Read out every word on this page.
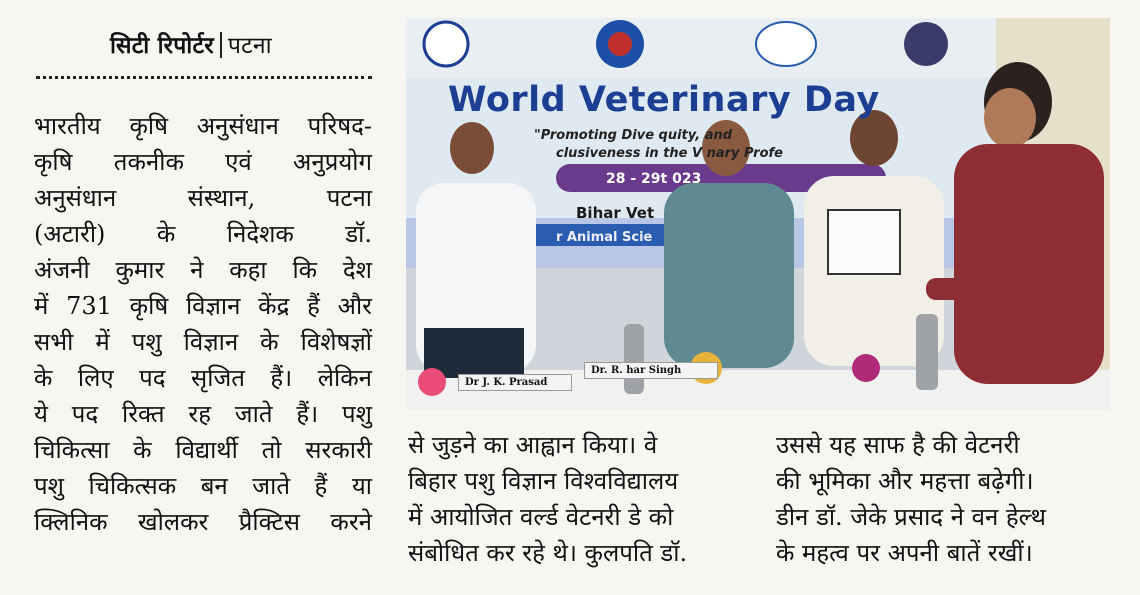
सिटी रिपोर्टर पटना

भारतीय कृषि अनुसंधान परिषद-

कृषि तकनीक एवं अनुप्रयोग

अनुसंधान संस्थान, पटना

(अटारी) के निदेशक डॉ.

अंजनी कुमार ने कहा कि देश

में 731 कृषि विज्ञान केंद्र हैं और

सभी में पशु विज्ञान के विशेषज्ञों

के लिए पद सृजित हैं। लेकिन

ये पद रिक्त रह जाते हैं। पशु

चिकित्सा के विद्यार्थी तो सरकारी

पशु चिकित्सक बन जाते हैं या

क्लिनिक खोलकर प्रैक्टिस करने

World Veterinary Day
"Promoting Dive quity, and
clusiveness in the V nary Profe
28 - 29t 023
Bihar Vet
r Animal Scie
Dr J. K. Prasad
Dr. R. har Singh

से जुड़ने का आह्वान किया। वे

बिहार पशु विज्ञान विश्वविद्यालय

में आयोजित वर्ल्ड वेटनरी डे को

संबोधित कर रहे थे। कुलपति डॉ.

उससे यह साफ है की वेटनरी

की भूमिका और महत्ता बढ़ेगी।

डीन डॉ. जेके प्रसाद ने वन हेल्थ

के महत्व पर अपनी बातें रखीं।
